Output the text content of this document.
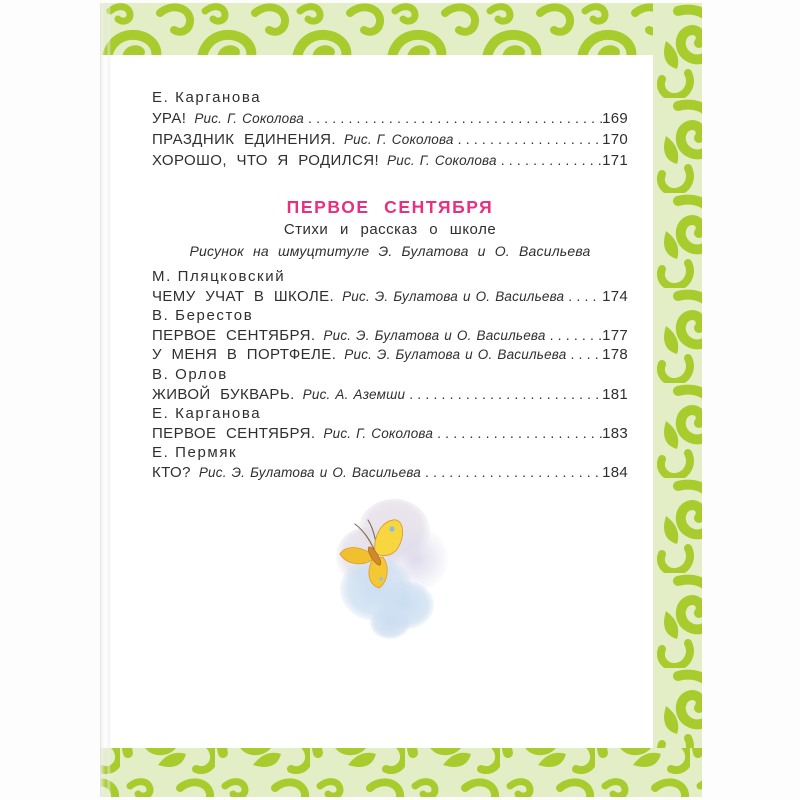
Е. Карганова
УРА! Рис. Г. Соколова .....	169
ПРАЗДНИК ЕДИНЕНИЯ. Рис. Г. Соколова .....	170
ХОРОШО, ЧТО Я РОДИЛСЯ! Рис. Г. Соколова .....	171
ПЕРВОЕ СЕНТЯБРЯ
Стихи и рассказ о школе
Рисунок на шмуцтитуле Э. Булатова и О. Васильева
М. Пляцковский
ЧЕМУ УЧАТ В ШКОЛЕ. Рис. Э. Булатова и О. Васильева .....	174
В. Берестов
ПЕРВОЕ СЕНТЯБРЯ. Рис. Э. Булатова и О. Васильева .....	177
У МЕНЯ В ПОРТФЕЛЕ. Рис. Э. Булатова и О. Васильева ..... 178
В. Орлов
ЖИВОЙ БУКВАРЬ. Рис. А. Аземши .....	181
Е. Карганова
ПЕРВОЕ СЕНТЯБРЯ. Рис. Г. Соколова .....	183
Е. Пермяк
КТО? Рис. Э. Булатова и О. Васильева .....	184
